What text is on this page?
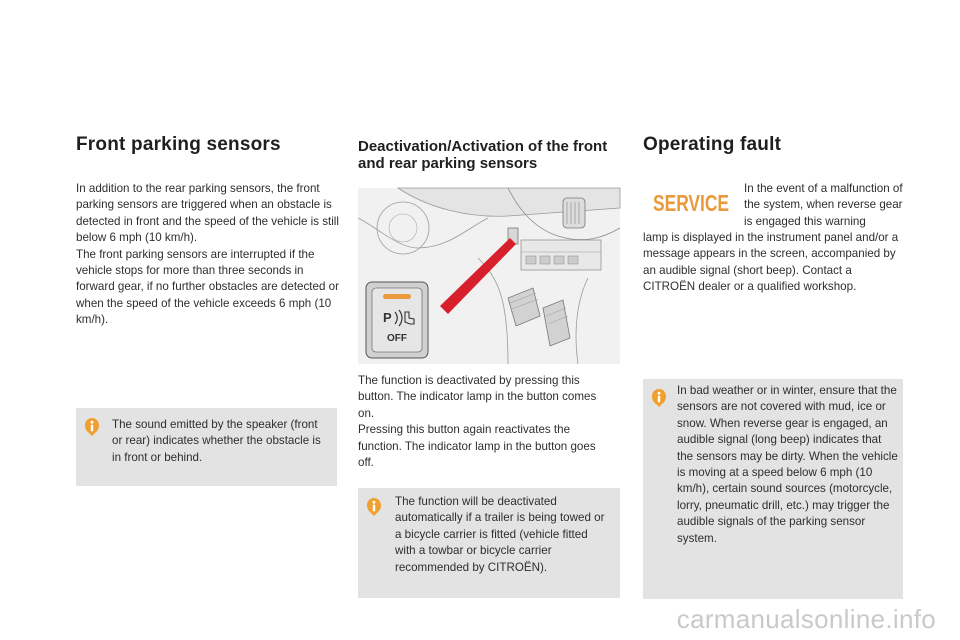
Front parking sensors

In addition to the rear parking sensors, the front parking sensors are triggered when an obstacle is detected in front and the speed of the vehicle is still below 6 mph (10 km/h).

The front parking sensors are interrupted if the vehicle stops for more than three seconds in forward gear, if no further obstacles are detected or when the speed of the vehicle exceeds 6 mph (10 km/h).

The sound emitted by the speaker (front or rear) indicates whether the obstacle is in front or behind.
Deactivation/Activation of the front and rear parking sensors
P
OFF

The function is deactivated by pressing this button. The indicator lamp in the button comes on.

Pressing this button again reactivates the function. The indicator lamp in the button goes off.

The function will be deactivated automatically if a trailer is being towed or a bicycle carrier is fitted (vehicle fitted with a towbar or bicycle carrier recommended by CITROËN).
Operating fault
SERVICE
In the event of a malfunction of the system, when reverse gear is engaged this warning
lamp is displayed in the instrument panel and/or a message appears in the screen, accompanied by an audible signal (short beep). Contact a CITROËN dealer or a qualified workshop.
In bad weather or in winter, ensure that the sensors are not covered with mud, ice or snow. When reverse gear is engaged, an audible signal (long beep) indicates that the sensors may be dirty. When the vehicle is moving at a speed below 6 mph (10 km/h), certain sound sources (motorcycle, lorry, pneumatic drill, etc.) may trigger the audible signals of the parking sensor system.
carmanualsonline.info
